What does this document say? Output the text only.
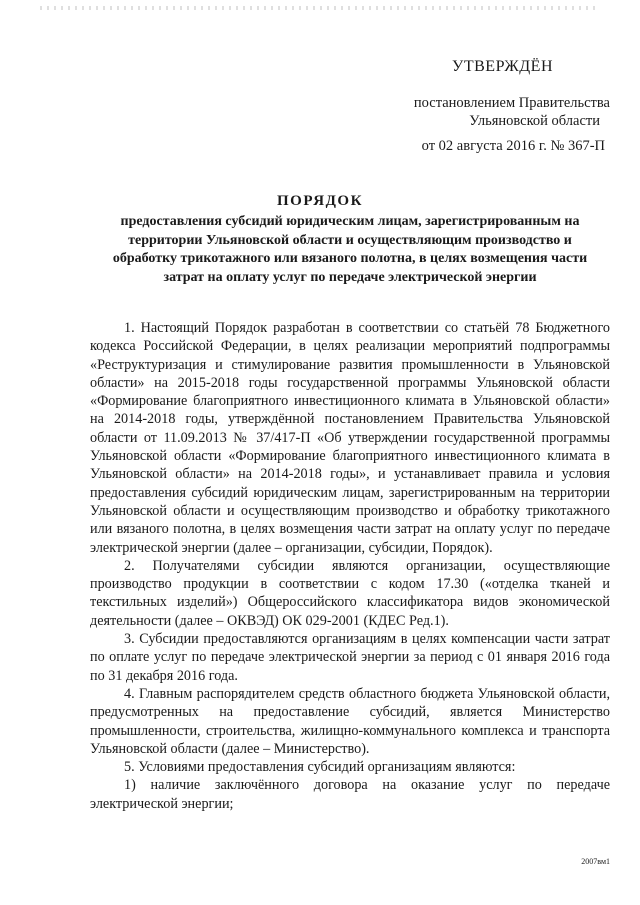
УТВЕРЖДЁН
постановлением Правительства
Ульяновской области
от 02 августа 2016 г. № 367-П
ПОРЯДОК
предоставления субсидий юридическим лицам, зарегистрированным на территории Ульяновской области и осуществляющим производство и обработку трикотажного или вязаного полотна, в целях возмещения части затрат на оплату услуг по передаче электрической энергии

1. Настоящий Порядок разработан в соответствии со статьёй 78 Бюджетного кодекса Российской Федерации, в целях реализации мероприятий подпрограммы «Реструктуризация и стимулирование развития промышленности в Ульяновской области» на 2015-2018 годы государственной программы Ульяновской области «Формирование благоприятного инвестиционного климата в Ульяновской области» на 2014-2018 годы, утверждённой постановлением Правительства Ульяновской области от 11.09.2013 № 37/417-П «Об утверждении государственной программы Ульяновской области «Формирование благоприятного инвестиционного климата в Ульяновской области» на 2014-2018 годы», и устанавливает правила и условия предоставления субсидий юридическим лицам, зарегистрированным на территории Ульяновской области и осуществляющим производство и обработку трикотажного или вязаного полотна, в целях возмещения части затрат на оплату услуг по передаче электрической энергии (далее – организации, субсидии, Порядок).

2. Получателями субсидии являются организации, осуществляющие производство продукции в соответствии с кодом 17.30 («отделка тканей и текстильных изделий») Общероссийского классификатора видов экономической деятельности (далее – ОКВЭД) ОК 029-2001 (КДЕС Ред.1).

3. Субсидии предоставляются организациям в целях компенсации части затрат по оплате услуг по передаче электрической энергии за период с 01 января 2016 года по 31 декабря 2016 года.

4. Главным распорядителем средств областного бюджета Ульяновской области, предусмотренных на предоставление субсидий, является Министерство промышленности, строительства, жилищно-коммунального комплекса и транспорта Ульяновской области (далее – Министерство).

5. Условиями предоставления субсидий организациям являются:

1) наличие заключённого договора на оказание услуг по передаче электрической энергии;

2007вм1
